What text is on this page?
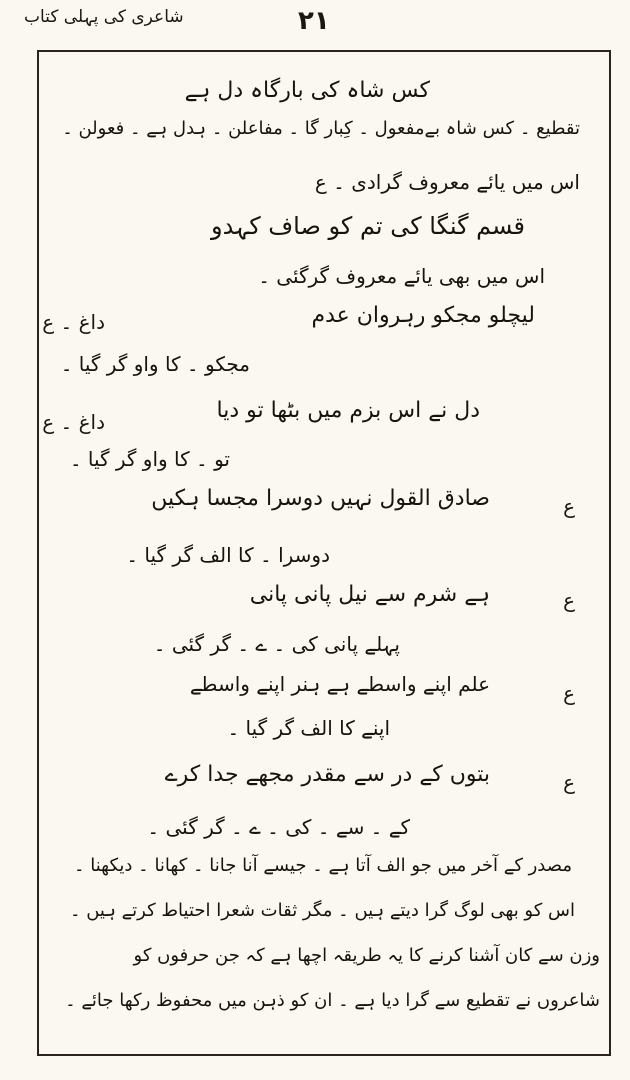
شاعری کی پہلی کتاب	۲۱
کس شاہ کی بارگاہ دل ہے
تقطیع ۔ کس شاہ بےمفعول ۔ کِبار گا ۔ مفاعلن ۔ ہدل ہے ۔ فعولن ۔
اس میں یائے معروف گرادی ۔ ع
قسم گنگا کی تم کو صاف کہدو
اس میں بھی یائے معروف گرگئی ۔
داغ ۔ ع	لیچلو مجکو رہروان عدم
مجکو ۔ کا واو گر گیا ۔
داغ ۔ ع	دل نے اس بزم میں بٹھا تو دیا
تو ۔ کا واو گر گیا ۔
ع
صادق القول نہیں دوسرا مجسا ہکیں
دوسرا ۔ کا الف گر گیا ۔
ع
ہے شرم سے نیل پانی پانی
پہلے پانی کی ۔ ے ۔ گر گئی ۔
ع
علم اپنے واسطے ہے ہنر اپنے واسطے
اپنے کا الف گر گیا ۔
ع
بتوں کے در سے مقدر مجھے جدا کرے
کے ۔ سے ۔ کی ۔ ے ۔ گر گئی ۔
مصدر کے آخر میں جو الف آتا ہے ۔ جیسے آنا جانا ۔ کھانا ۔ دیکھنا ۔
اس کو بھی لوگ گرا دیتے ہیں ۔ مگر ثقات شعرا احتیاط کرتے ہیں ۔
وزن سے کان آشنا کرنے کا یہ طریقہ اچھا ہے کہ جن حرفوں کو
شاعروں نے تقطیع سے گرا دیا ہے ۔ ان کو ذہن میں محفوظ رکھا جائے ۔
